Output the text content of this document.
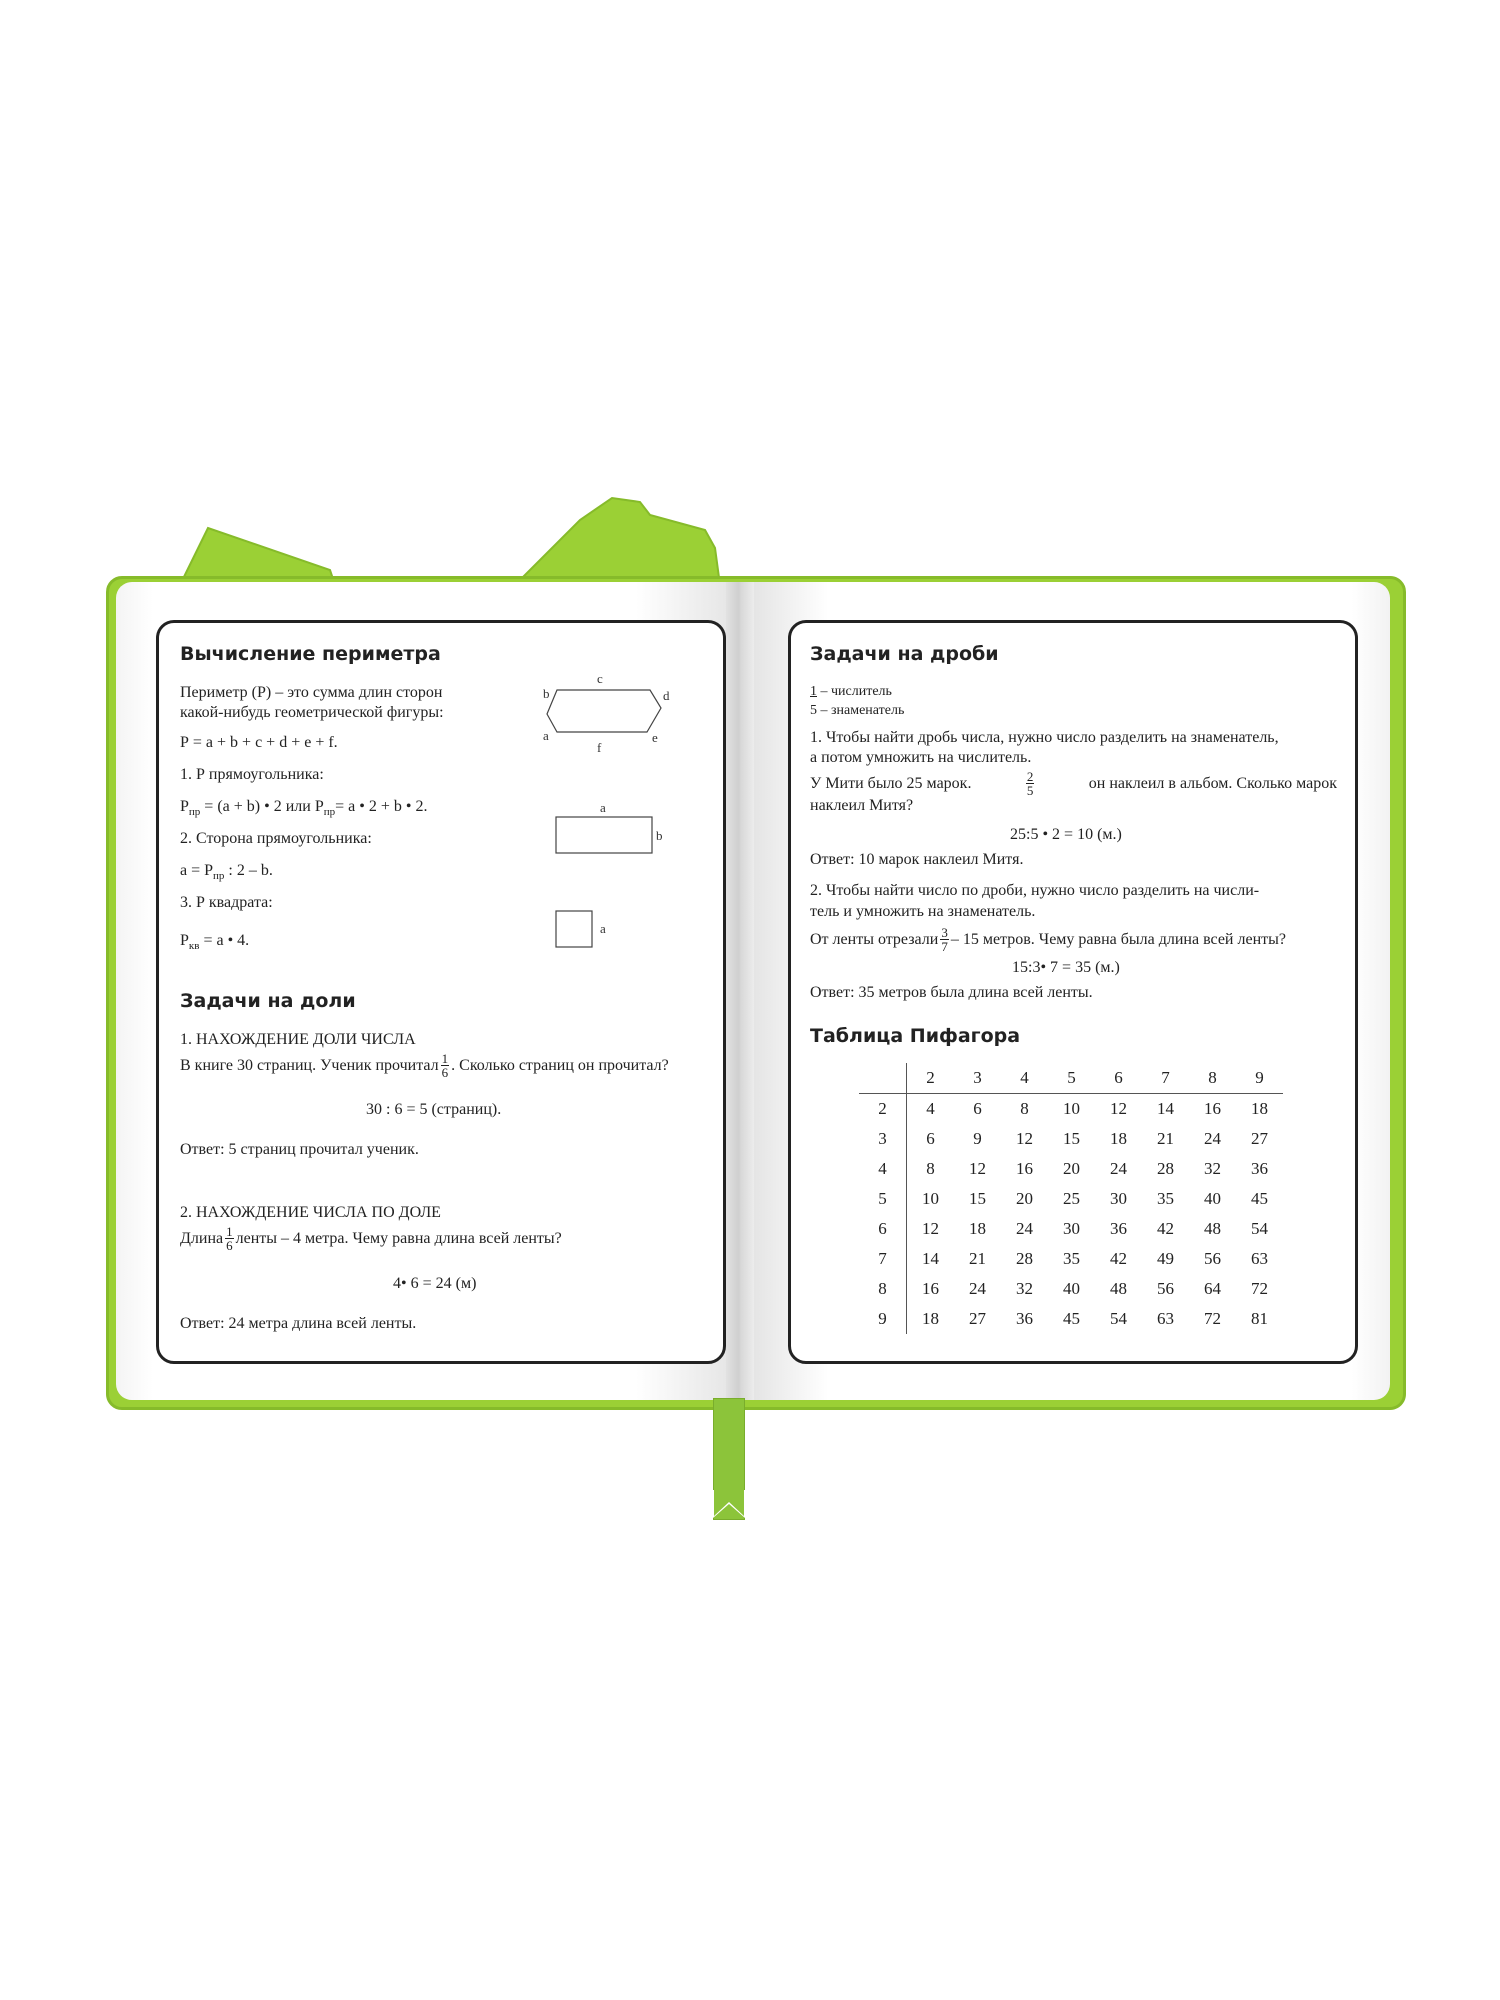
Вычисление периметра
Периметр (Р) – это сумма длин сторон
какой-нибудь геометрической фигуры:
Р = a + b + c + d + e + f.
1. Р прямоугольника:
$Р_{пр} = (a + b)$ • 2 или $Р_{пр}= a$ • 2 + b • 2.
2. Сторона прямоугольника:
$a = Р_{пр}$ : 2 – b.
3. Р квадрата:
$Р_{кв} = a$ • 4.
b
c
d
a
f
e
a
b
a
Задачи на доли
1. НАХОЖДЕНИЕ ДОЛИ ЧИСЛА
В книге 30 страниц. Ученик прочитал $\frac{1}{6}$ . Сколько страниц он прочитал?
30 : 6 = 5 (страниц).
Ответ: 5 страниц прочитал ученик.
2. НАХОЖДЕНИЕ ЧИСЛА ПО ДОЛЕ
Длина $\frac{1}{6}$ ленты – 4 метра. Чему равна длина всей ленты?
4• 6 = 24 (м)
Ответ: 24 метра длина всей ленты.
Задачи на дроби
1 – числитель
5 – знаменатель
1. Чтобы найти дробь числа, нужно число разделить на знаменатель,
а потом умножить на числитель.
У Мити было 25 марок.	$\frac{2}{5}$	он наклеил в альбом. Сколько марок
наклеил Митя?
25:5 • 2 = 10 (м.)
Ответ: 10 марок наклеил Митя.
2. Чтобы найти число по дроби, нужно число разделить на числи-
тель и умножить на знаменатель.
От ленты отрезали $\frac{3}{7} - 15$ метров. Чему равна была длина всей ленты?
15:3• 7 = 35 (м.)
Ответ: 35 метров была длина всей ленты.
Таблица Пифагора
	2	3	4	5	6	7	8	9
2	4	6	8	10	12	14	16	18
3	6	9	12	15	18	21	24	27
4	8	12	16	20	24	28	32	36
5	10	15	20	25	30	35	40	45
6	12	18	24	30	36	42	48	54
7	14	21	28	35	42	49	56	63
8	16	24	32	40	48	56	64	72
9	18	27	36	45	54	63	72	81
